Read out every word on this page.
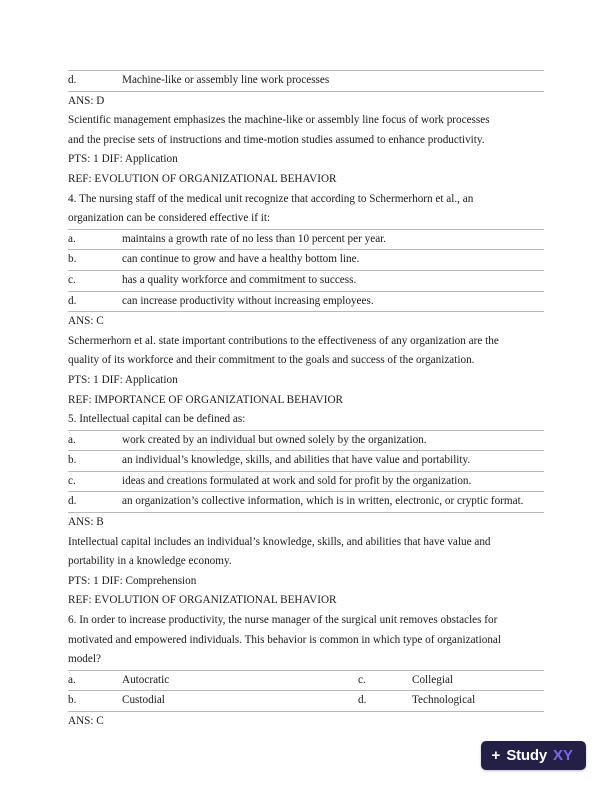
d.	Machine-like or assembly line work processes

ANS: D

Scientific management emphasizes the machine-like or assembly line focus of work processes

and the precise sets of instructions and time-motion studies assumed to enhance productivity.

PTS: 1 DIF: Application

REF: EVOLUTION OF ORGANIZATIONAL BEHAVIOR

4. The nursing staff of the medical unit recognize that according to Schermerhorn et al., an

organization can be considered effective if it:

a.	maintains a growth rate of no less than 10 percent per year.
b.	can continue to grow and have a healthy bottom line.
c.	has a quality workforce and commitment to success.
d.	can increase productivity without increasing employees.

ANS: C

Schermerhorn et al. state important contributions to the effectiveness of any organization are the

quality of its workforce and their commitment to the goals and success of the organization.

PTS: 1 DIF: Application

REF: IMPORTANCE OF ORGANIZATIONAL BEHAVIOR

5. Intellectual capital can be defined as:

a.	work created by an individual but owned solely by the organization.
b.	an individual’s knowledge, skills, and abilities that have value and portability.
c.	ideas and creations formulated at work and sold for profit by the organization.
d.	an organization’s collective information, which is in written, electronic, or cryptic format.

ANS: B

Intellectual capital includes an individual’s knowledge, skills, and abilities that have value and

portability in a knowledge economy.

PTS: 1 DIF: Comprehension

REF: EVOLUTION OF ORGANIZATIONAL BEHAVIOR

6. In order to increase productivity, the nurse manager of the surgical unit removes obstacles for

motivated and empowered individuals. This behavior is common in which type of organizational

model?

a.	Autocratic	c.	Collegial
b.	Custodial	d.	Technological

ANS: C

+ Study XY
